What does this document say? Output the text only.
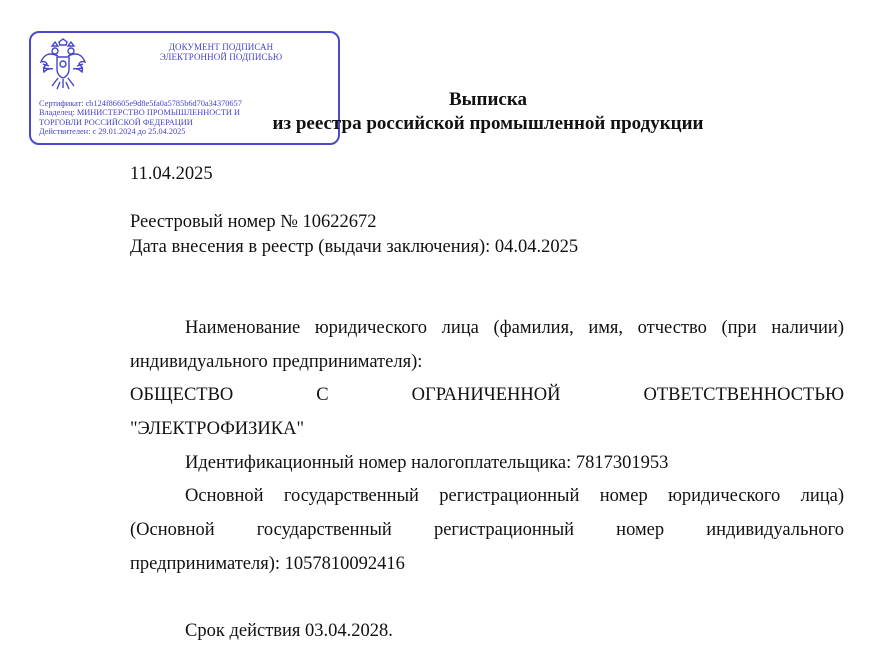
ДОКУМЕНТ ПОДПИСАН
ЭЛЕКТРОННОЙ ПОДПИСЬЮ
Сертификат: cb124f86605e9d8e5fa0a5785b6d70a34370657
Владелец: МИНИСТЕРСТВО ПРОМЫШЛЕННОСТИ И
ТОРГОВЛИ РОССИЙСКОЙ ФЕДЕРАЦИИ
Действителен: с 29.01.2024 до 25.04.2025
Выписка
из реестра российской промышленной продукции
11.04.2025
Реестровый номер № 10622672
Дата внесения в реестр (выдачи заключения): 04.04.2025
Наименование юридического лица (фамилия, имя, отчество (при наличии) индивидуального предпринимателя):
ОБЩЕСТВО С ОГРАНИЧЕННОЙ ОТВЕТСТВЕННОСТЬЮ
"ЭЛЕКТРОФИЗИКА"
Идентификационный номер налогоплательщика: 7817301953
Основной государственный регистрационный номер юридического лица) (Основной государственный регистрационный номер индивидуального предпринимателя): 1057810092416
Срок действия 03.04.2028.
